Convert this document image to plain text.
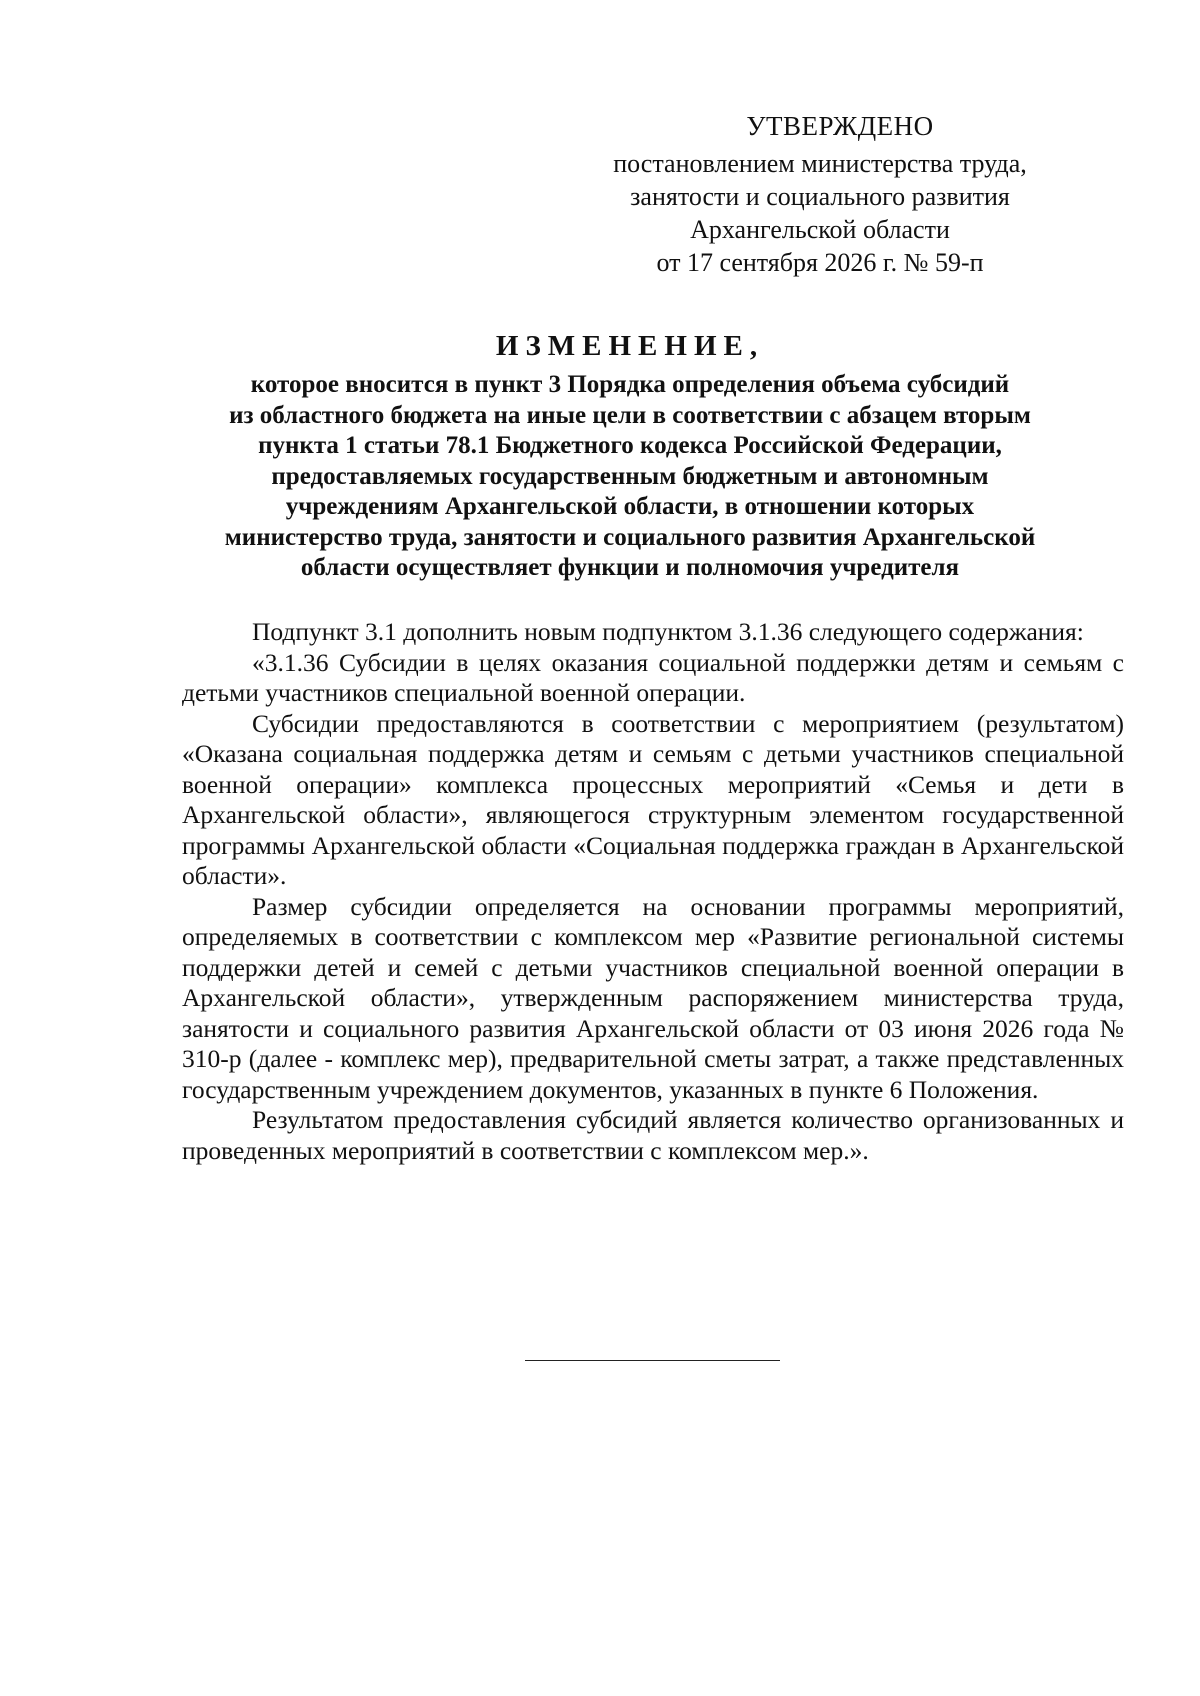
УТВЕРЖДЕНО
постановлением министерства труда,
занятости и социального развития
Архангельской области
от 17 сентября 2026 г. № 59-п
ИЗМЕНЕНИЕ,
которое вносится в пункт 3 Порядка определения объема субсидий
из областного бюджета на иные цели в соответствии с абзацем вторым
пункта 1 статьи 78.1 Бюджетного кодекса Российской Федерации,
предоставляемых государственным бюджетным и автономным
учреждениям Архангельской области, в отношении которых
министерство труда, занятости и социального развития Архангельской
области осуществляет функции и полномочия учредителя

Подпункт 3.1 дополнить новым подпунктом 3.1.36 следующего содержания:

«3.1.36 Субсидии в целях оказания социальной поддержки детям и семьям с детьми участников специальной военной операции.

Субсидии предоставляются в соответствии с мероприятием (результатом) «Оказана социальная поддержка детям и семьям с детьми участников специальной военной операции» комплекса процессных мероприятий «Семья и дети в Архангельской области», являющегося структурным элементом государственной программы Архангельской области «Социальная поддержка граждан в Архангельской области».

Размер субсидии определяется на основании программы мероприятий, определяемых в соответствии с комплексом мер «Развитие региональной системы поддержки детей и семей с детьми участников специальной военной операции в Архангельской области», утвержденным распоряжением министерства труда, занятости и социального развития Архангельской области от 03 июня 2026 года № 310-р (далее - комплекс мер), предварительной сметы затрат, а также представленных государственным учреждением документов, указанных в пункте 6 Положения.

Результатом предоставления субсидий является количество организованных и проведенных мероприятий в соответствии с комплексом мер.».
